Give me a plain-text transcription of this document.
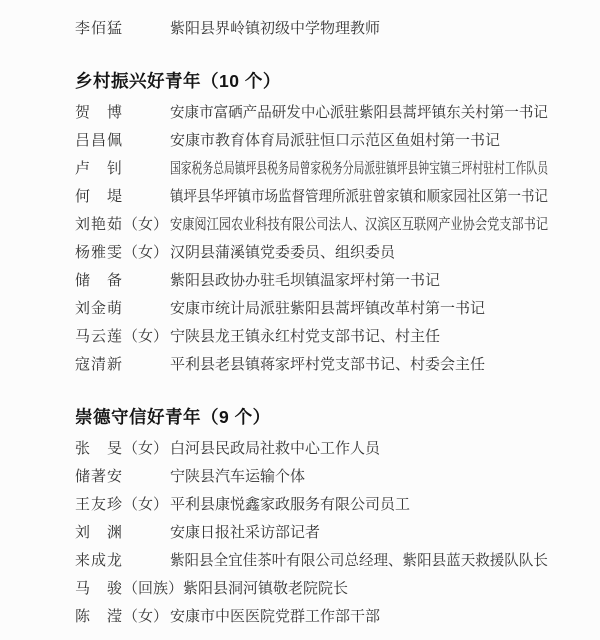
李佰猛	紫阳县界岭镇初级中学物理教师
乡村振兴好青年（10 个）
贺　博	安康市富硒产品研发中心派驻紫阳县蒿坪镇东关村第一书记
吕昌佩	安康市教育体育局派驻恒口示范区鱼姐村第一书记
卢　钊	国家税务总局镇坪县税务局曾家税务分局派驻镇坪县钟宝镇三坪村驻村工作队员
何　堤	镇坪县华坪镇市场监督管理所派驻曾家镇和顺家园社区第一书记
刘艳茹 （女） 安康阅江园农业科技有限公司法人、汉滨区互联网产业协会党支部书记
杨雅雯 （女） 汉阴县蒲溪镇党委委员、组织委员
储　备	紫阳县政协办驻毛坝镇温家坪村第一书记
刘金萌	安康市统计局派驻紫阳县蒿坪镇改革村第一书记
马云莲 （女） 宁陕县龙王镇永红村党支部书记、村主任
寇清新	平利县老县镇蒋家坪村党支部书记、村委会主任
崇德守信好青年（9 个）
张　旻 （女） 白河县民政局社救中心工作人员
储著安	宁陕县汽车运输个体
王友珍 （女） 平利县康悦鑫家政服务有限公司员工
刘　渊	安康日报社采访部记者
来成龙	紫阳县全宜佳茶叶有限公司总经理、紫阳县蓝天救援队队长
马　骏 （回族） 紫阳县洞河镇敬老院院长
陈　滢 （女） 安康市中医医院党群工作部干部
